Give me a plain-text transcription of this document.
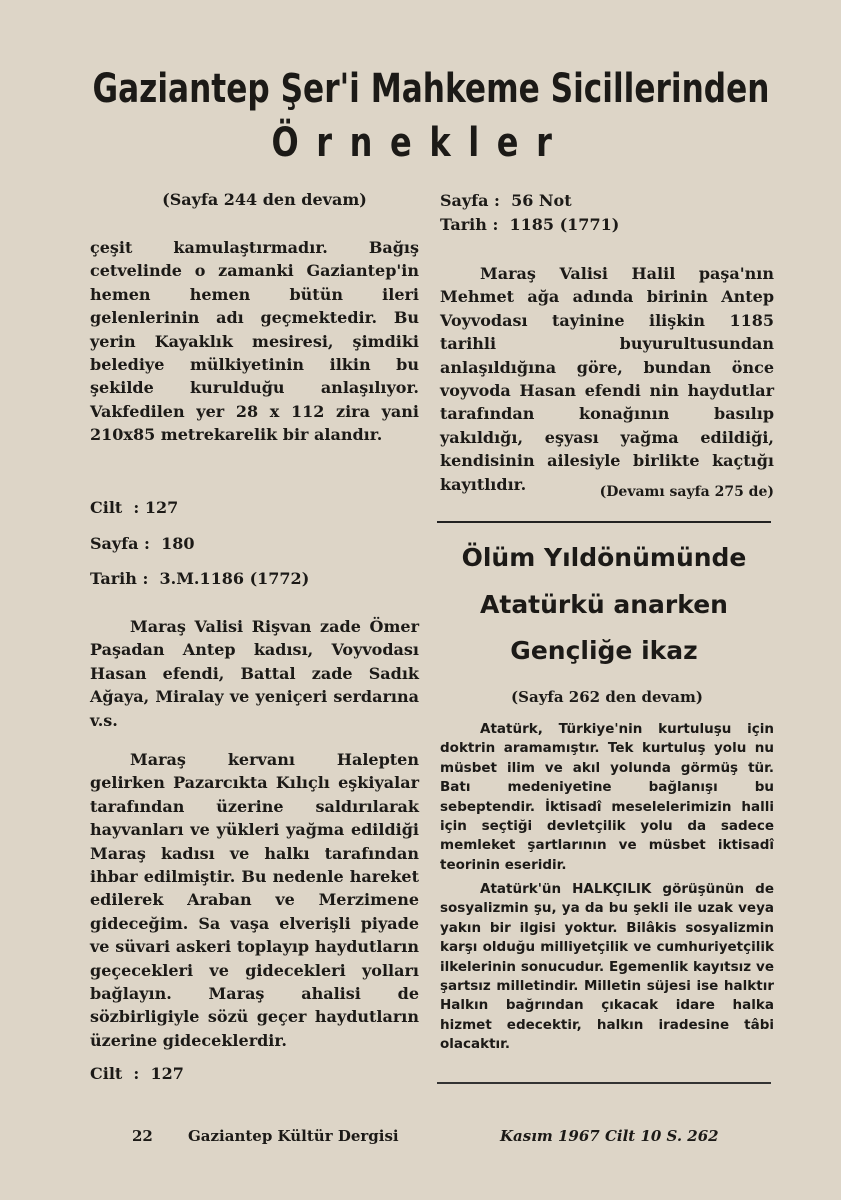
Gaziantep Şer'i Mahkeme Sicillerinden
Örnekler

(Sayfa 244 den devam)

çeşit kamulaştırmadır. Bağış cetvelinde o zamanki Gaziantep'in hemen hemen bütün ileri gelenlerinin adı geçmektedir. Bu yerin Kayaklık mesiresi, şimdiki belediye mülkiyetinin ilkin bu şekilde kurulduğu anlaşılıyor. Vakfedilen yer 28 x 112 zira yani 210x85 metrekarelik bir alandır.

Cilt  : 127
Sayfa :  180
Tarih :  3.M.1186 (1772)

Maraş Valisi Rişvan zade Ömer Paşadan Antep kadısı, Voyvodası Hasan efendi, Battal zade Sadık Ağaya, Miralay ve yeniçeri serdarına v.s.

Maraş kervanı Halepten gelirken Pazarcıkta Kılıçlı eşkiyalar tarafından üzerine saldırılarak hayvanları ve yükleri yağma edildiği Maraş kadısı ve halkı tarafından ihbar edilmiştir. Bu nedenle hareket edilerek Araban ve Merzimene gideceğim. Sa vaşa elverişli piyade ve süvari askeri toplayıp haydutların geçecekleri ve gidecekleri yolları bağlayın. Maraş ahalisi de sözbirligiyle sözü geçer haydutların üzerine gideceklerdir.

Cilt  :  127
Sayfa :  56 Not
Tarih :  1185 (1771)

Maraş Valisi Halil paşa'nın Mehmet ağa adında birinin Antep Voyvodası tayinine ilişkin 1185 tarihli buyurultusundan anlaşıldığına göre, bundan önce voyvoda Hasan efendi nin haydutlar tarafından konağının basılıp yakıldığı, eşyası yağma edildiği, kendisinin ailesiyle birlikte kaçtığı kayıtlıdır.	(Devamı sayfa 275 de)
Ölüm Yıldönümünde
Atatürkü anarken
Gençliğe ikaz
(Sayfa 262 den devam)

Atatürk, Türkiye'nin kurtuluşu için doktrin aramamıştır. Tek kurtuluş yolu nu müsbet ilim ve akıl yolunda görmüş tür. Batı medeniyetine bağlanışı bu sebeptendir. İktisadî meselelerimizin halli için seçtiği devletçilik yolu da sadece memleket şartlarının ve müsbet iktisadî teorinin eseridir.

Atatürk'ün HALKÇILIK görüşünün de sosyalizmin şu, ya da bu şekli ile uzak veya yakın bir ilgisi yoktur. Bilâkis sosyalizmin karşı olduğu milliyetçilik ve cumhuriyetçilik ilkelerinin sonucudur. Egemenlik kayıtsız ve şartsız milletindir. Milletin süjesi ise halktır Halkın bağrından çıkacak idare halka hizmet edecektir, halkın iradesine tâbi olacaktır.

22 Gaziantep Kültür Dergisi	Kasım 1967 Cilt 10 S. 262
